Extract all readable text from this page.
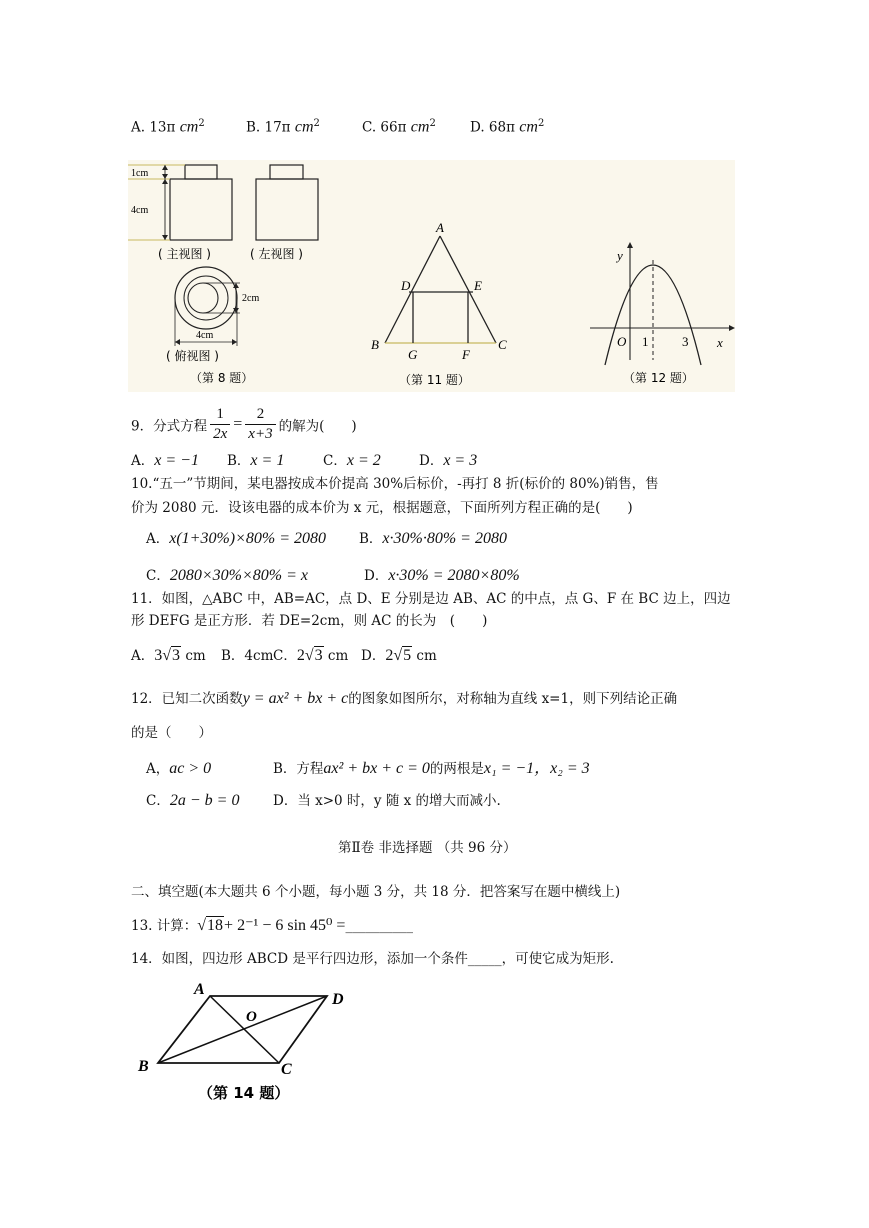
A. 13π $cm^2$	B. 17π $cm^2$	C. 66π $cm^2$	D. 68π $cm^2$
1cm
4cm
( 主视图 )	( 左视图 )
2cm
4cm
( 俯视图 )
（第 8 题）
A
D	E
B	C
G	F
（第 11 题）
y
x
O 1	3
（第 12 题）
9．分式方程 $\frac{1}{2x} = \frac{2}{x+3}$ 的解为(　　)
A．x = −1 B．x = 1	C．x = 2	D．x = 3
10.“五一”节期间，某电器按成本价提高 30%后标价，-再打 8 折(标价的 80%)销售，售
价为 2080 元．设该电器的成本价为 x 元，根据题意，下面所列方程正确的是(　　)
A．x(1+30%)×80% = 2080 B．x·30%·80% = 2080
C．2080×30%×80% = x	D．x·30% = 2080×80%
11．如图，△ABC 中，AB=AC，点 D、E 分别是边 AB、AC 的中点，点 G、F 在 BC 边上，四边
形 DEFG 是正方形．若 DE=2cm，则 AC 的长为　(　　)
A．3√3 cm B．4cmC．2√3 cm D．2√5 cm
12．已知二次函数y = ax² + bx + c的图象如图所尔，对称轴为直线 x=1，则下列结论正确
的是（　　）
A，ac > 0	B．方程ax² + bx + c = 0的两根是x₁ = −1，x₂ = 3
C．2a − b = 0 D．当 x>0 时，y 随 x 的增大而减小.
第Ⅱ卷 非选择题 （共 96 分）
二、填空题(本大题共 6 个小题，每小题 3 分，共 18 分．把答案写在题中横线上)
13. 计算：√18+ 2⁻¹ − 6 sin 45⁰ =__________
14．如图，四边形 ABCD 是平行四边形，添加一个条件_____，可使它成为矩形.
A
D
B	C
O
（第 14 题）
